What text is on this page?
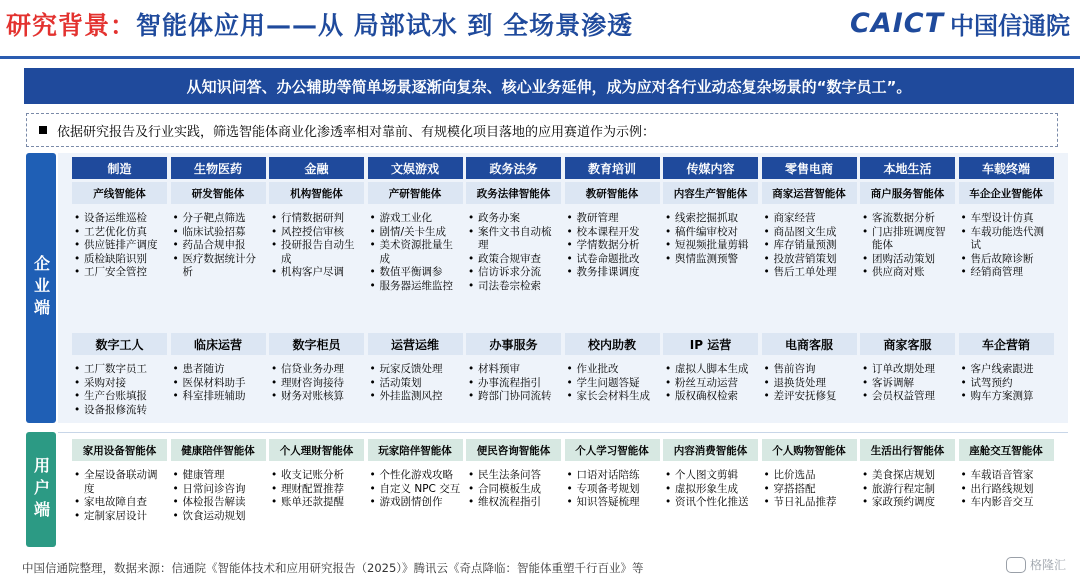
研究背景：智能体应用——从 局部试水 到 全场景渗透	CAICT 中国信通院
从知识问答、办公辅助等简单场景逐渐向复杂、核心业务延伸，成为应对各行业动态复杂场景的“数字员工”。
依据研究报告及行业实践，筛选智能体商业化渗透率相对靠前、有规模化项目落地的应用赛道作为示例：
企业端
用户端
制造
产线智能体
• 设备运维巡检
• 工艺优化仿真
• 供应链排产调度
• 质检缺陷识别
• 工厂安全管控
生物医药
研发智能体
• 分子靶点筛选
• 临床试验招募
• 药品合规申报
• 医疗数据统计分析
金融
机构智能体
• 行情数据研判
• 风控授信审核
• 投研报告自动生成
• 机构客户尽调
文娱游戏
产研智能体
• 游戏工业化
• 剧情/关卡生成
• 美术资源批量生成
• 数值平衡调参
• 服务器运维监控
政务法务
政务法律智能体
• 政务办案
• 案件文书自动梳理
• 政策合规审查
• 信访诉求分流
• 司法卷宗检索
教育培训
教研智能体
• 教研管理
• 校本课程开发
• 学情数据分析
• 试卷命题批改
• 教务排课调度
传媒内容
内容生产智能体
• 线索挖掘抓取
• 稿件编审校对
• 短视频批量剪辑
• 舆情监测预警
零售电商
商家运营智能体
• 商家经营
• 商品图文生成
• 库存销量预测
• 投放营销策划
• 售后工单处理
本地生活
商户服务智能体
• 客流数据分析
• 门店排班调度智能体
• 团购活动策划
• 供应商对账
车载终端
车企企业智能体
• 车型设计仿真
• 车载功能迭代测试
• 售后故障诊断
• 经销商管理
数字工人
• 工厂数字员工
• 采购对接
• 生产台账填报
• 设备报修流转
临床运营
• 患者随访
• 医保材料助手
• 科室排班辅助
数字柜员
• 信贷业务办理
• 理财咨询接待
• 财务对账核算
运营运维
• 玩家反馈处理
• 活动策划
• 外挂监测风控
办事服务
• 材料预审
• 办事流程指引
• 跨部门协同流转
校内助教
• 作业批改
• 学生问题答疑
• 家长会材料生成
IP 运营
• 虚拟人脚本生成
• 粉丝互动运营
• 版权确权检索
电商客服
• 售前咨询
• 退换货处理
• 差评安抚修复
商家客服
• 订单改期处理
• 客诉调解
• 会员权益管理
车企营销
• 客户线索跟进
• 试驾预约
• 购车方案测算
家用设备智能体
• 全屋设备联动调度
• 家电故障自查
• 定制家居设计
健康陪伴智能体
• 健康管理
• 日常问诊咨询
• 体检报告解读
• 饮食运动规划
个人理财智能体
• 收支记账分析
• 理财配置推荐
• 账单还款提醒
玩家陪伴智能体
• 个性化游戏攻略
• 自定义 NPC 交互
• 游戏剧情创作
便民咨询智能体
• 民生法条问答
• 合同模板生成
• 维权流程指引
个人学习智能体
• 口语对话陪练
• 专项备考规划
• 知识答疑梳理
内容消费智能体
• 个人图文剪辑
• 虚拟形象生成
• 资讯个性化推送
个人购物智能体
• 比价选品
• 穿搭搭配
• 节日礼品推荐
生活出行智能体
• 美食探店规划
• 旅游行程定制
• 家政预约调度
座舱交互智能体
• 车载语音管家
• 出行路线规划
• 车内影音交互
中国信通院整理，数据来源：信通院《智能体技术和应用研究报告（2025）》腾讯云《奇点降临：智能体重塑千行百业》等	格隆汇
